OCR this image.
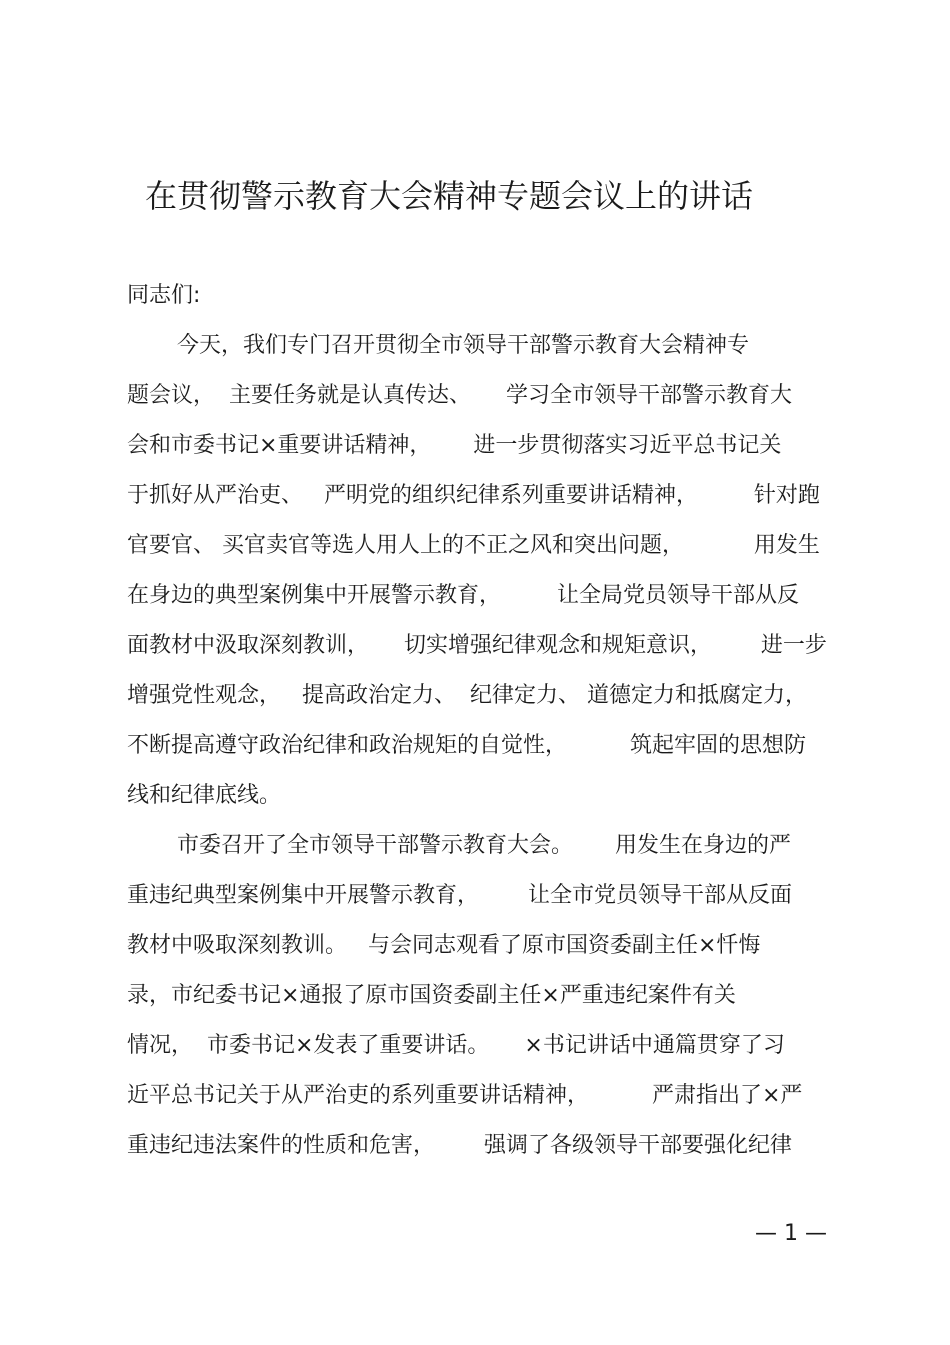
在贯彻警示教育大会精神专题会议上的讲话
同志们:
今天，我们专门召开贯彻全市领导干部警示教育大会精神专
题会议，  主要任务就是认真传达、     学习全市领导干部警示教育大
会和市委书记×重要讲话精神，      进一步贯彻落实习近平总书记关
于抓好从严治吏、   严明党的组织纪律系列重要讲话精神，        针对跑
官要官、 买官卖官等选人用人上的不正之风和突出问题，          用发生
在身边的典型案例集中开展警示教育，        让全局党员领导干部从反
面教材中汲取深刻教训，     切实增强纪律观念和规矩意识，       进一步
增强党性观念，   提高政治定力、  纪律定力、 道德定力和抵腐定力，
不断提高遵守政治纪律和政治规矩的自觉性，         筑起牢固的思想防
线和纪律底线。
市委召开了全市领导干部警示教育大会。      用发生在身边的严
重违纪典型案例集中开展警示教育，       让全市党员领导干部从反面
教材中吸取深刻教训。   与会同志观看了原市国资委副主任×忏悔
录，市纪委书记×通报了原市国资委副主任×严重违纪案件有关
情况，  市委书记×发表了重要讲话。     ×书记讲话中通篇贯穿了习
近平总书记关于从严治吏的系列重要讲话精神，         严肃指出了×严
重违纪违法案件的性质和危害，       强调了各级领导干部要强化纪律
— 1 —
